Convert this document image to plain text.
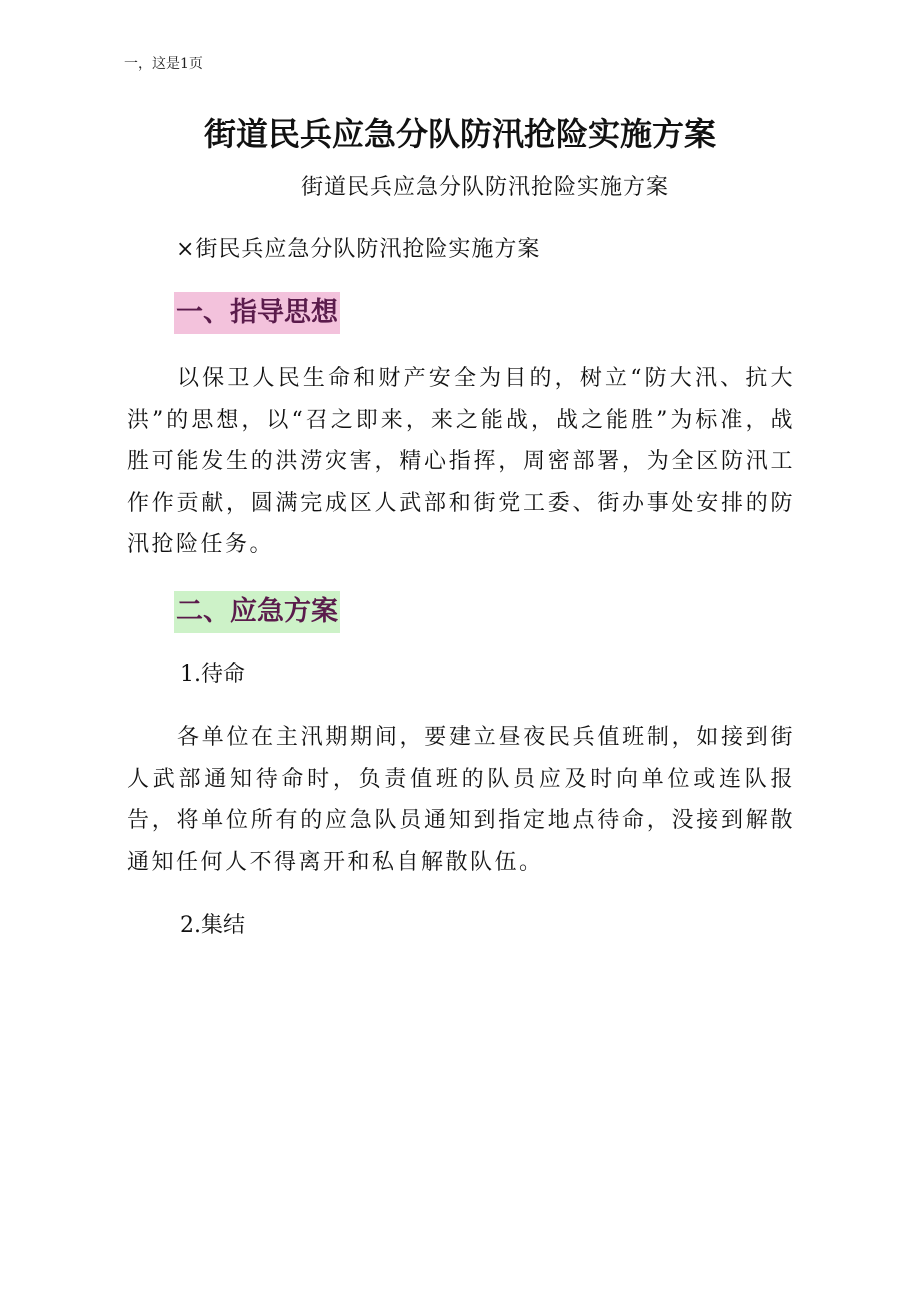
一，这是1页
街道民兵应急分队防汛抢险实施方案
街道民兵应急分队防汛抢险实施方案
×街民兵应急分队防汛抢险实施方案
一、指导思想

以保卫人民生命和财产安全为目的，树立“防大汛、抗大洪”的思想，以“召之即来，来之能战，战之能胜”为标准，战胜可能发生的洪涝灾害，精心指挥，周密部署，为全区防汛工作作贡献，圆满完成区人武部和街党工委、街办事处安排的防汛抢险任务。

二、应急方案
1.待命

各单位在主汛期期间，要建立昼夜民兵值班制，如接到街人武部通知待命时，负责值班的队员应及时向单位或连队报告，将单位所有的应急队员通知到指定地点待命，没接到解散通知任何人不得离开和私自解散队伍。

2.集结
